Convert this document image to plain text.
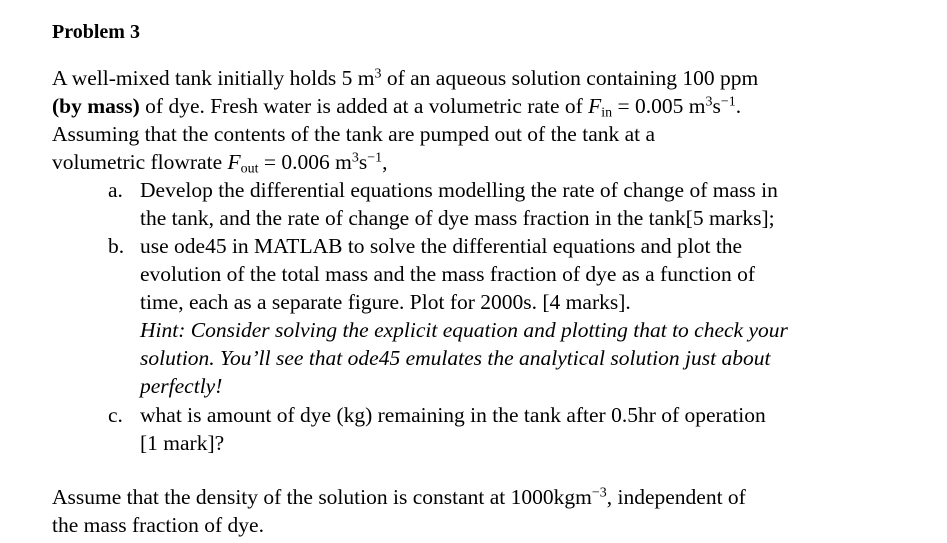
Problem 3

A well-mixed tank initially holds 5 $m^3$ of an aqueous solution containing 100 ppm

(by mass) of dye. Fresh water is added at a volumetric rate of $F_{in} = 0.005$ $m^3s^{-1}$.

Assuming that the contents of the tank are pumped out of the tank at a

volumetric flowrate $F_{out} = 0.006$ $m^3s^{-1}$,

a. Develop the differential equations modelling the rate of change of mass in

the tank, and the rate of change of dye mass fraction in the tank[5 marks];

b. use ode45 in MATLAB to solve the differential equations and plot the

evolution of the total mass and the mass fraction of dye as a function of

time, each as a separate figure. Plot for 2000s. [4 marks].

Hint: Consider solving the explicit equation and plotting that to check your

solution. You’ll see that ode45 emulates the analytical solution just about

perfectly!

c. what is amount of dye (kg) remaining in the tank after 0.5hr of operation

[1 mark]?

Assume that the density of the solution is constant at 1000kgm$^{-3}$, independent of

the mass fraction of dye.
